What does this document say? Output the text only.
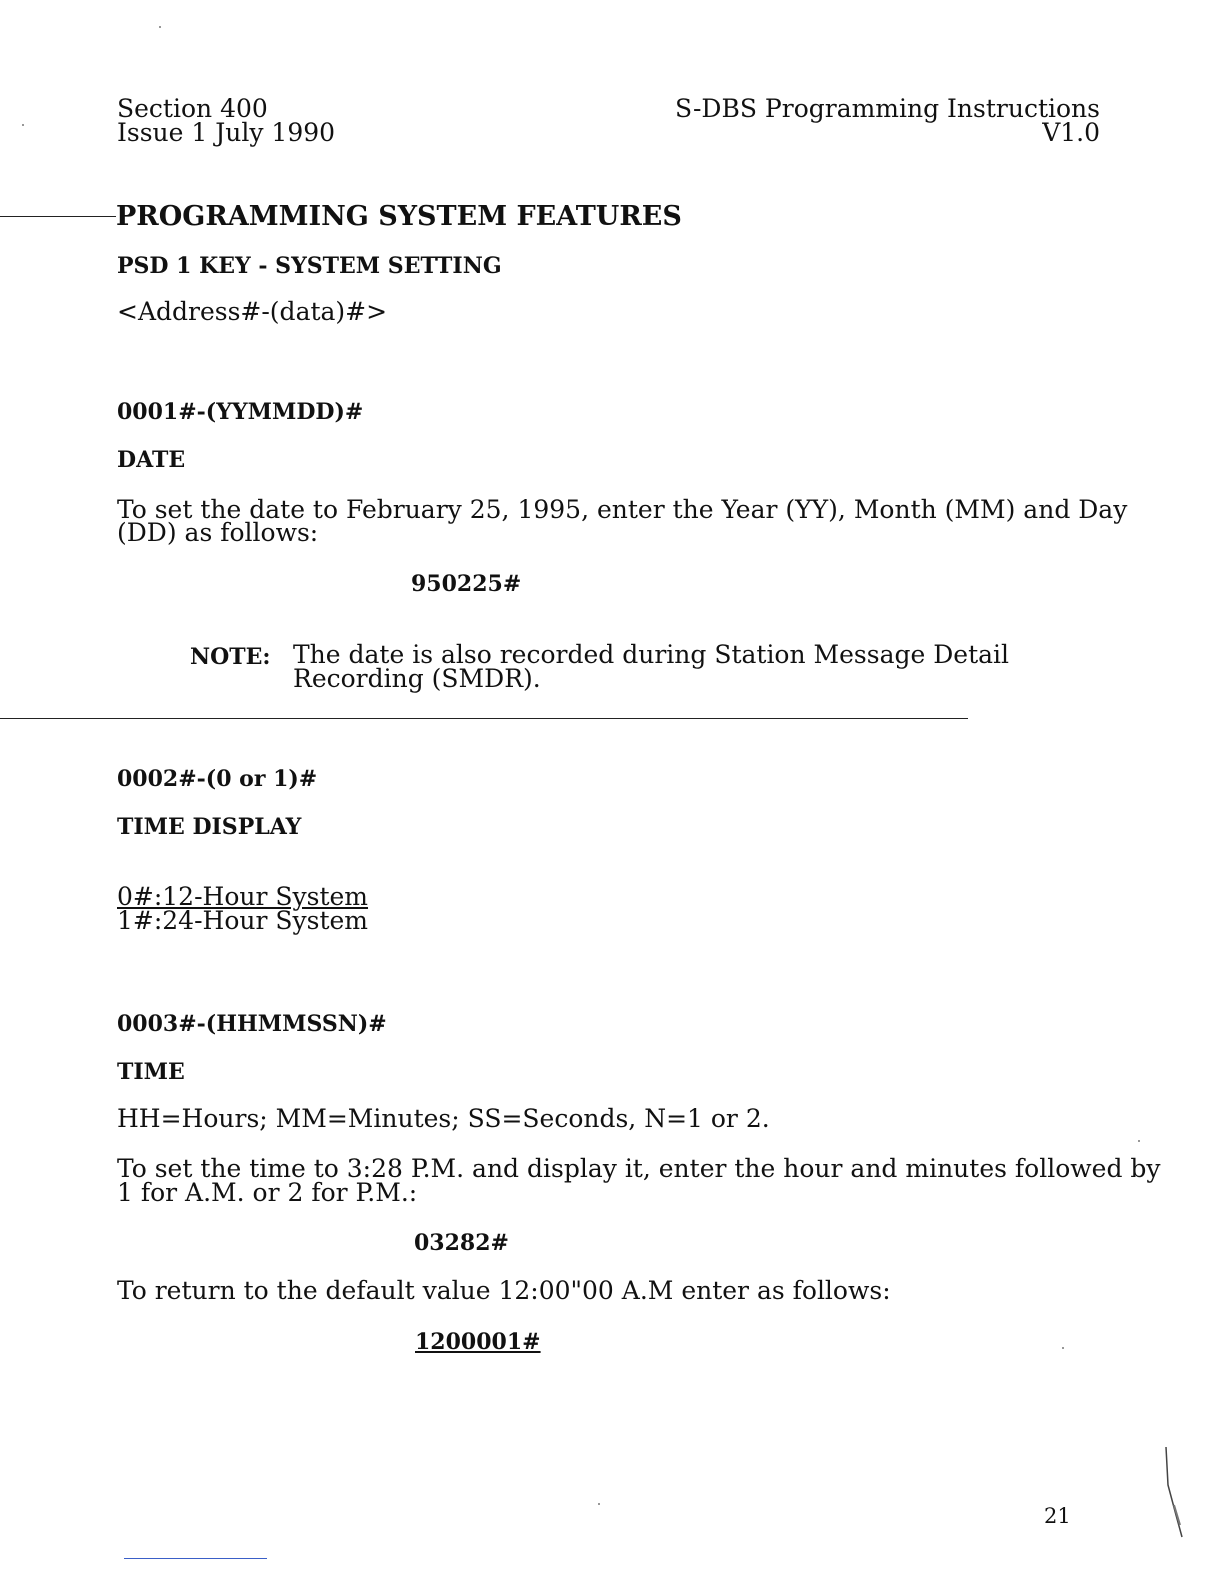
Section 400
Issue 1 July 1990
S-DBS Programming Instructions
V1.0
PROGRAMMING SYSTEM FEATURES
PSD 1 KEY - SYSTEM SETTING
<Address#-(data)#>
0001#-(YYMMDD)#
DATE
To set the date to February 25, 1995, enter the Year (YY), Month (MM) and Day
(DD) as follows:
950225#
NOTE: The date is also recorded during Station Message Detail
Recording (SMDR).
0002#-(0 or 1)#
TIME DISPLAY
0#:12-Hour System
1#:24-Hour System
0003#-(HHMMSSN)#
TIME
HH=Hours; MM=Minutes; SS=Seconds, N=1 or 2.
To set the time to 3:28 P.M. and display it, enter the hour and minutes followed by
1 for A.M. or 2 for P.M.:
03282#
To return to the default value 12:00"00 A.M enter as follows:
1200001#
21
